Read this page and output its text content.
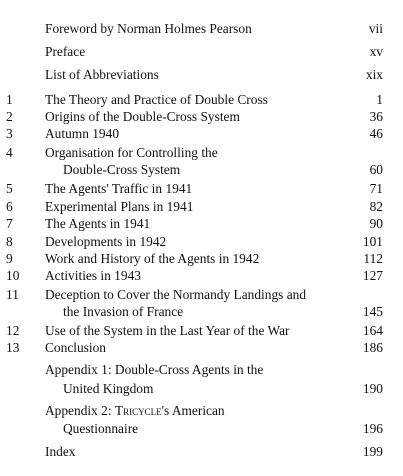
Foreword by Norman Holmes Pearson	vii
Preface	xv
List of Abbreviations	xix
1	The Theory and Practice of Double Cross	1
2	Origins of the Double-Cross System	36
3	Autumn 1940	46
4	Organisation for Controlling the
Double-Cross System	60
5	The Agents' Traffic in 1941	71
6	Experimental Plans in 1941	82
7	The Agents in 1941	90
8	Developments in 1942	101
9	Work and History of the Agents in 1942	112
10	Activities in 1943	127
11	Deception to Cover the Normandy Landings and
the Invasion of France	145
12	Use of the System in the Last Year of the War	164
13	Conclusion	186
Appendix 1: Double-Cross Agents in the
United Kingdom	190
Appendix 2: Tricycle's American
Questionnaire	196
Index	199
